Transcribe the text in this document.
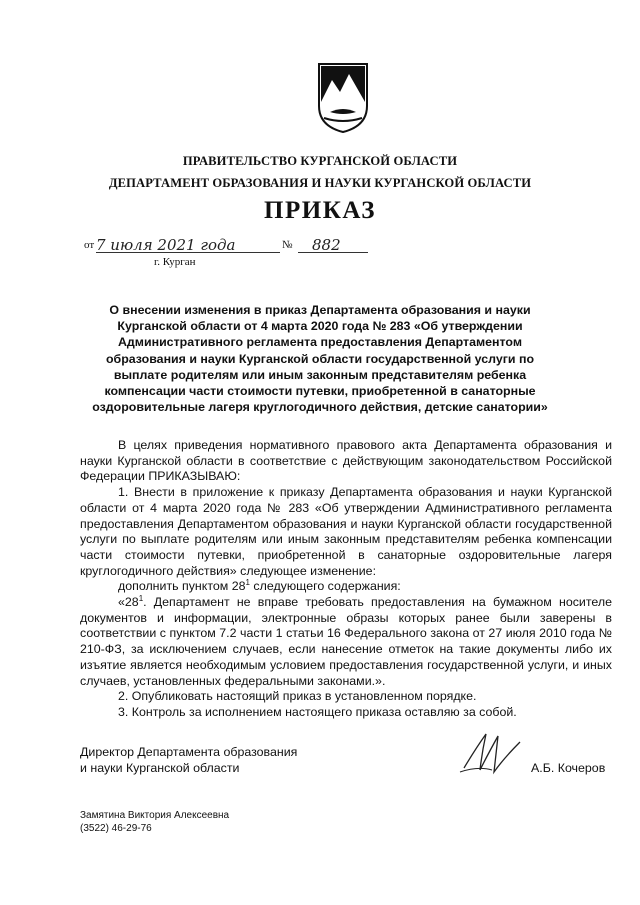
ПРАВИТЕЛЬСТВО КУРГАНСКОЙ ОБЛАСТИ
ДЕПАРТАМЕНТ ОБРАЗОВАНИЯ И НАУКИ КУРГАНСКОЙ ОБЛАСТИ
ПРИКАЗ
от 7 июля 2021 года	№	882
г. Курган
О внесении изменения в приказ Департамента образования и науки Курганской области от 4 марта 2020 года № 283 «Об утверждении Административного регламента предоставления Департаментом образования и науки Курганской области государственной услуги по выплате родителям или иным законным представителям ребенка компенсации части стоимости путевки, приобретенной в санаторные оздоровительные лагеря круглогодичного действия, детские санатории»

В целях приведения нормативного правового акта Департамента образования и науки Курганской области в соответствие с действующим законодательством Российской Федерации ПРИКАЗЫВАЮ:

1. Внести в приложение к приказу Департамента образования и науки Курганской области от 4 марта 2020 года № 283 «Об утверждении Административного регламента предоставления Департаментом образования и науки Курганской области государственной услуги по выплате родителям или иным законным представителям ребенка компенсации части стоимости путевки, приобретенной в санаторные оздоровительные лагеря круглогодичного действия» следующее изменение:

дополнить пунктом $28^1$ следующего содержания:

«$28^1$. Департамент не вправе требовать предоставления на бумажном носителе документов и информации, электронные образы которых ранее были заверены в соответствии с пунктом 7.2 части 1 статьи 16 Федерального закона от 27 июля 2010 года № 210-ФЗ, за исключением случаев, если нанесение отметок на такие документы либо их изъятие является необходимым условием предоставления государственной услуги, и иных случаев, установленных федеральными законами.».

2. Опубликовать настоящий приказ в установленном порядке.

3. Контроль за исполнением настоящего приказа оставляю за собой.

Директор Департамента образования
и науки Курганской области	А.Б. Кочеров
Замятина Виктория Алексеевна
(3522) 46-29-76
